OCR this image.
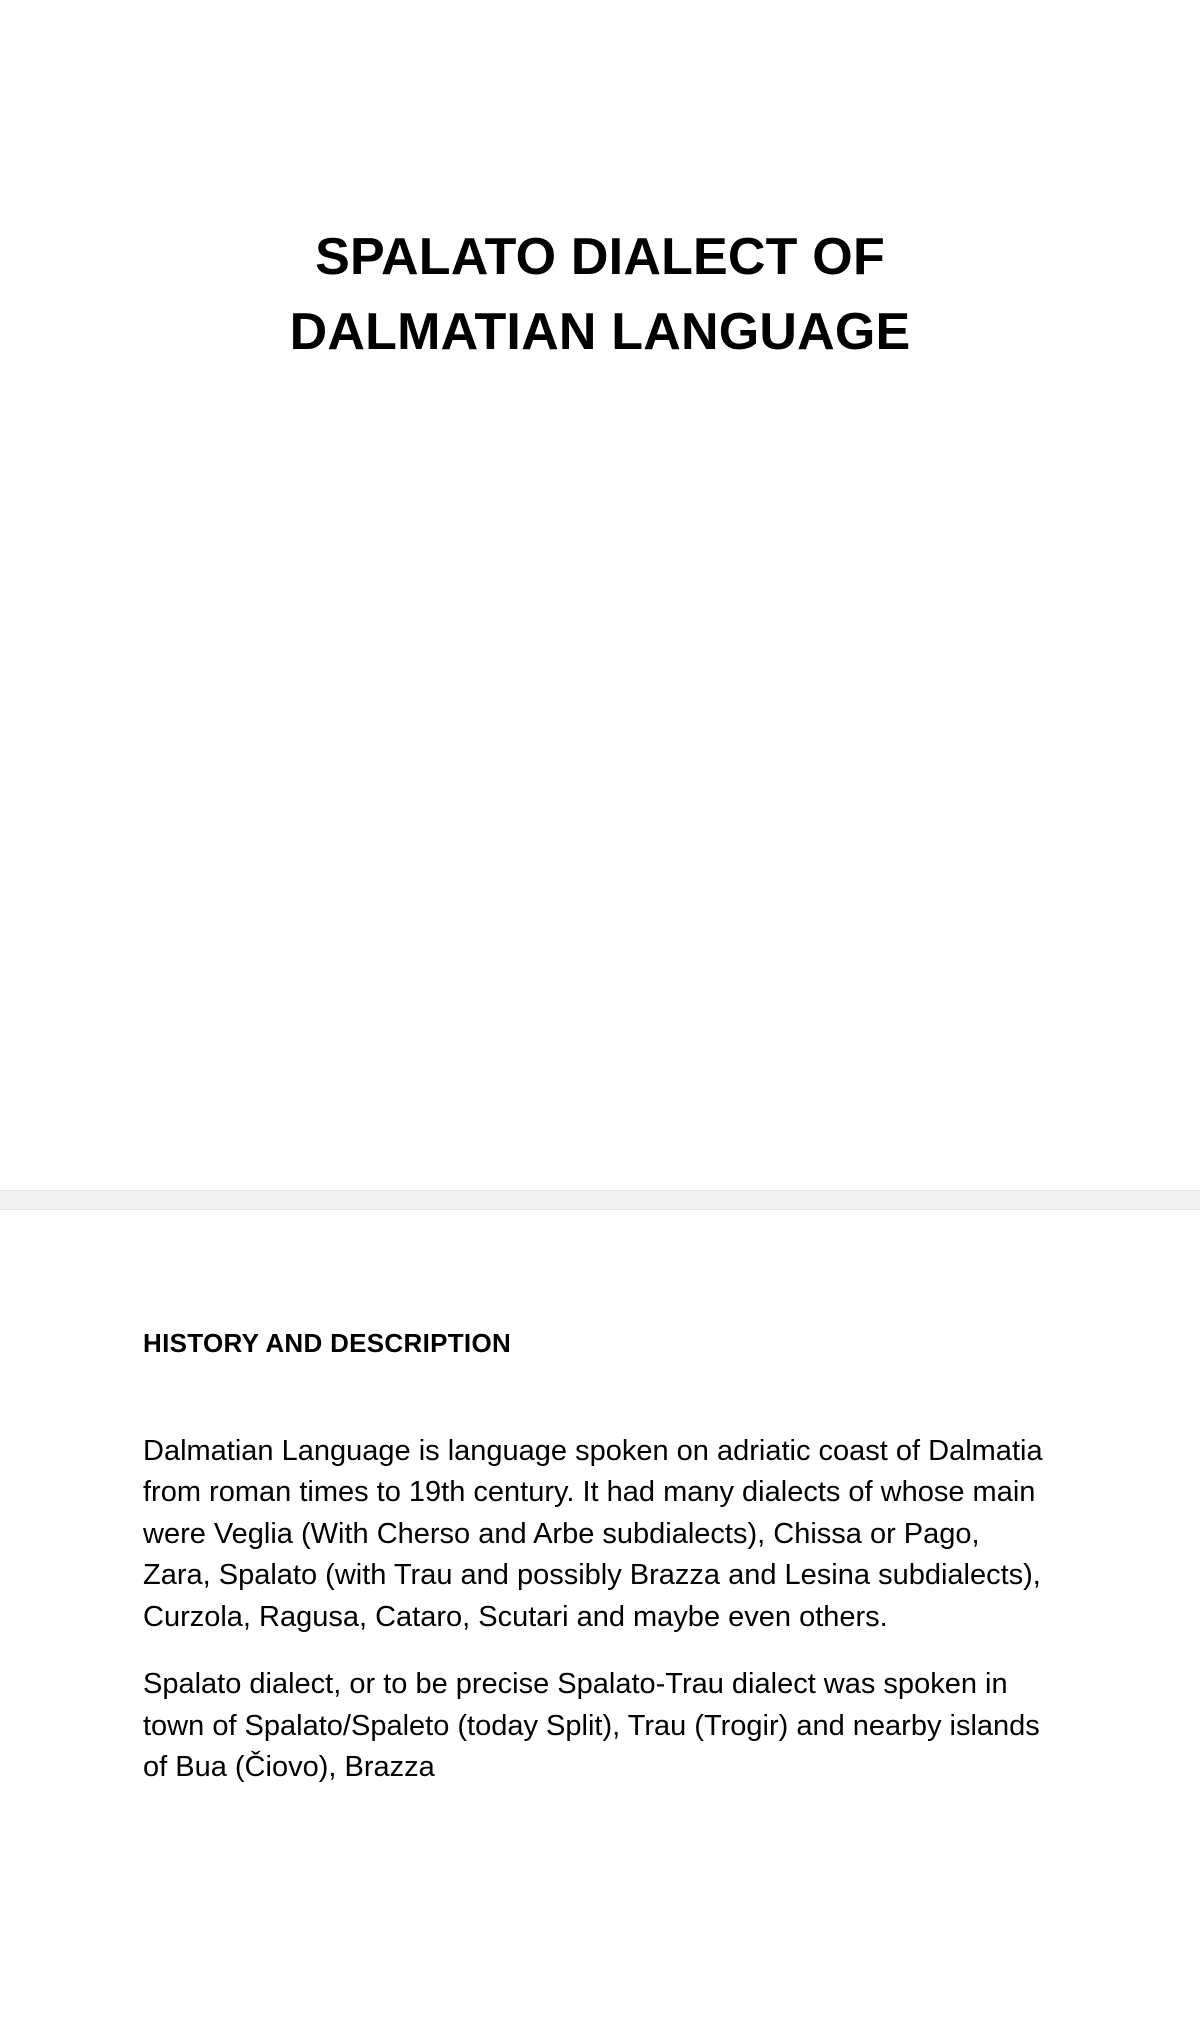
SPALATO DIALECT OF
DALMATIAN LANGUAGE
HISTORY AND DESCRIPTION

Dalmatian Language is language spoken on adriatic coast of Dalmatia from roman times to 19th century. It had many dialects of whose main were Veglia (With Cherso and Arbe subdialects), Chissa or Pago, Zara, Spalato (with Trau and possibly Brazza and Lesina subdialects), Curzola, Ragusa, Cataro, Scutari and maybe even others.

Spalato dialect, or to be precise Spalato-Trau dialect was spoken in town of Spalato/Spaleto (today Split), Trau (Trogir) and nearby islands of Bua (Čiovo), Brazza
